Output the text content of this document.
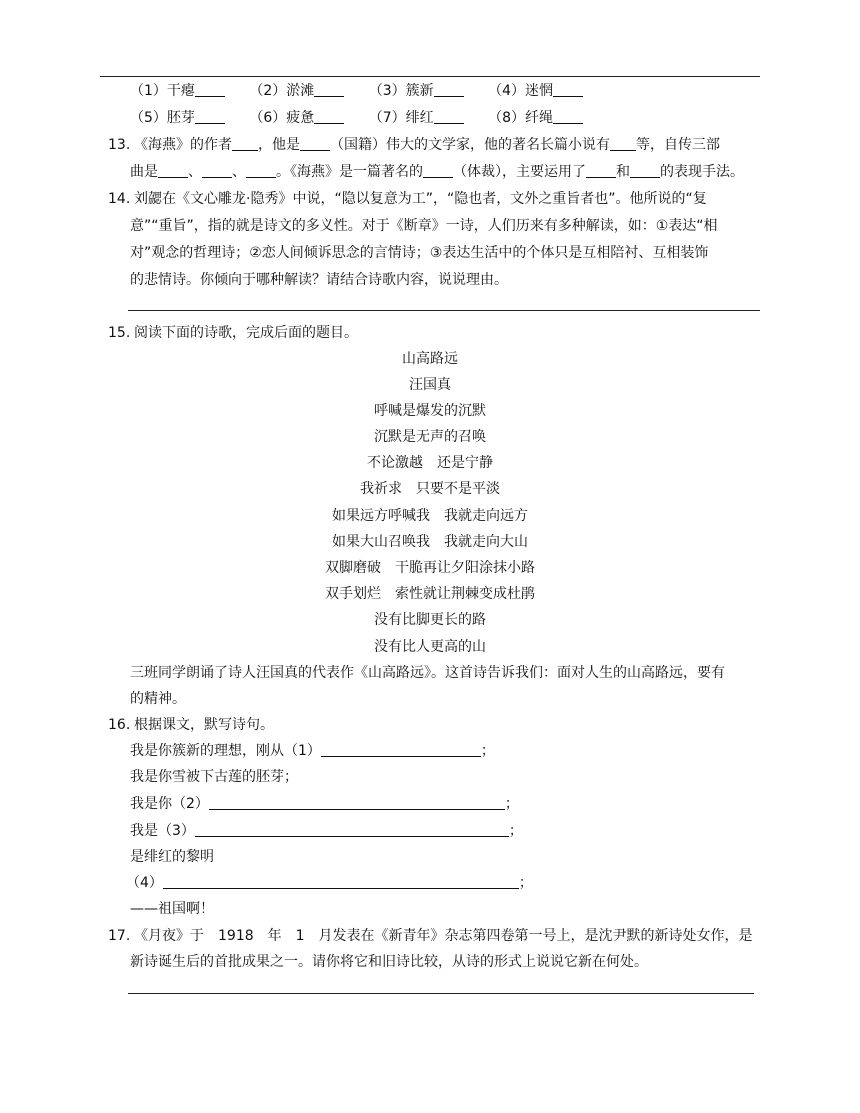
（1）干瘪	（2）淤滩	（3）簇新	（4）迷惘
（5）胚芽	（6）疲惫	（7）绯红	（8）纤绳
13. 《海燕》的作者 ，他是 （国籍）伟大的文学家，他的著名长篇小说有 等，自传三部
曲是 、 、 。《海燕》是一篇著名的 （体裁），主要运用了 和 的表现手法。
14. 刘勰在《文心雕龙·隐秀》中说，“隐以复意为工”，“隐也者，文外之重旨者也”。他所说的“复
意”“重旨”，指的就是诗文的多义性。对于《断章》一诗，人们历来有多种解读，如：①表达“相
对”观念的哲理诗；②恋人间倾诉思念的言情诗；③表达生活中的个体只是互相陪衬、互相装饰
的悲情诗。你倾向于哪种解读？请结合诗歌内容，说说理由。
15. 阅读下面的诗歌，完成后面的题目。
山高路远
汪国真
呼喊是爆发的沉默
沉默是无声的召唤
不论激越　还是宁静
我祈求　只要不是平淡
如果远方呼喊我　我就走向远方
如果大山召唤我　我就走向大山
双脚磨破　干脆再让夕阳涂抹小路
双手划烂　索性就让荆棘变成杜鹃
没有比脚更长的路
没有比人更高的山
三班同学朗诵了诗人汪国真的代表作《山高路远》。这首诗告诉我们：面对人生的山高路远，要有
的精神。
16. 根据课文，默写诗句。
我是你簇新的理想，刚从（1）	；
我是你雪被下古莲的胚芽；
我是你（2）	；
我是（3）	；
是绯红的黎明
（4）	；
——祖国啊！
17. 《月夜》于　1918　年　1　月发表在《新青年》杂志第四卷第一号上，是沈尹默的新诗处女作，是
新诗诞生后的首批成果之一。请你将它和旧诗比较，从诗的形式上说说它新在何处。
